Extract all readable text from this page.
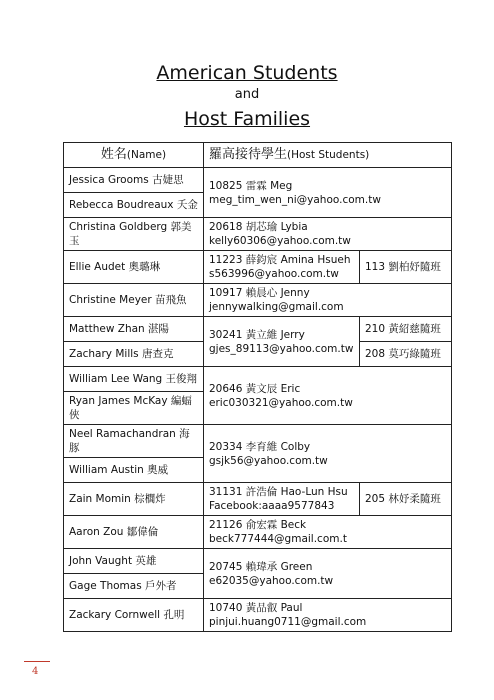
American Students
and
Host Families
姓名(Name)	羅高接待學生(Host Students)	
Jessica Grooms 古婕思	10825 雷霖 Meg
meg_tim_wen_ni@yahoo.com.tw	

Rebecca Boudreaux 夭金		
Christina Goldberg 郭美玉	20618 胡芯瑜 Lybia
kelly60306@yahoo.com.tw	

Ellie Audet 奧璐琳	11223 薛鈞宸 Amina Hsueh
s563996@yahoo.com.tw	113 劉柏妤隨班
Christine Meyer 苗飛魚	10917 賴晨心 Jenny
jennywalking@gmail.com	

Matthew Zhan 湛陽	30241 黃立維 Jerry
gjes_89113@yahoo.com.tw	210 黃紹慈隨班
Zachary Mills 唐查克		208 莫巧綠隨班
William Lee Wang 王俊翔	20646 黃文辰 Eric
eric030321@yahoo.com.tw	

Ryan James McKay 編蝠俠		
Neel Ramachandran 海豚	20334 李育維 Colby
gsjk56@yahoo.com.tw	

William Austin 奧威		
Zain Momin 棕櫚炸	31131 許浩倫 Hao-Lun Hsu
Facebook:aaaa9577843	205 林妤柔隨班
Aaron Zou 鄒偉倫	21126 俞宏霖 Beck
beck777444@gmail.com.t	

John Vaught 英雄	20745 賴瑋承 Green
e62035@yahoo.com.tw	

Gage Thomas 戶外者		
Zackary Cornwell 孔明	10740 黃品叡 Paul
pinjui.huang0711@gmail.com	
4
